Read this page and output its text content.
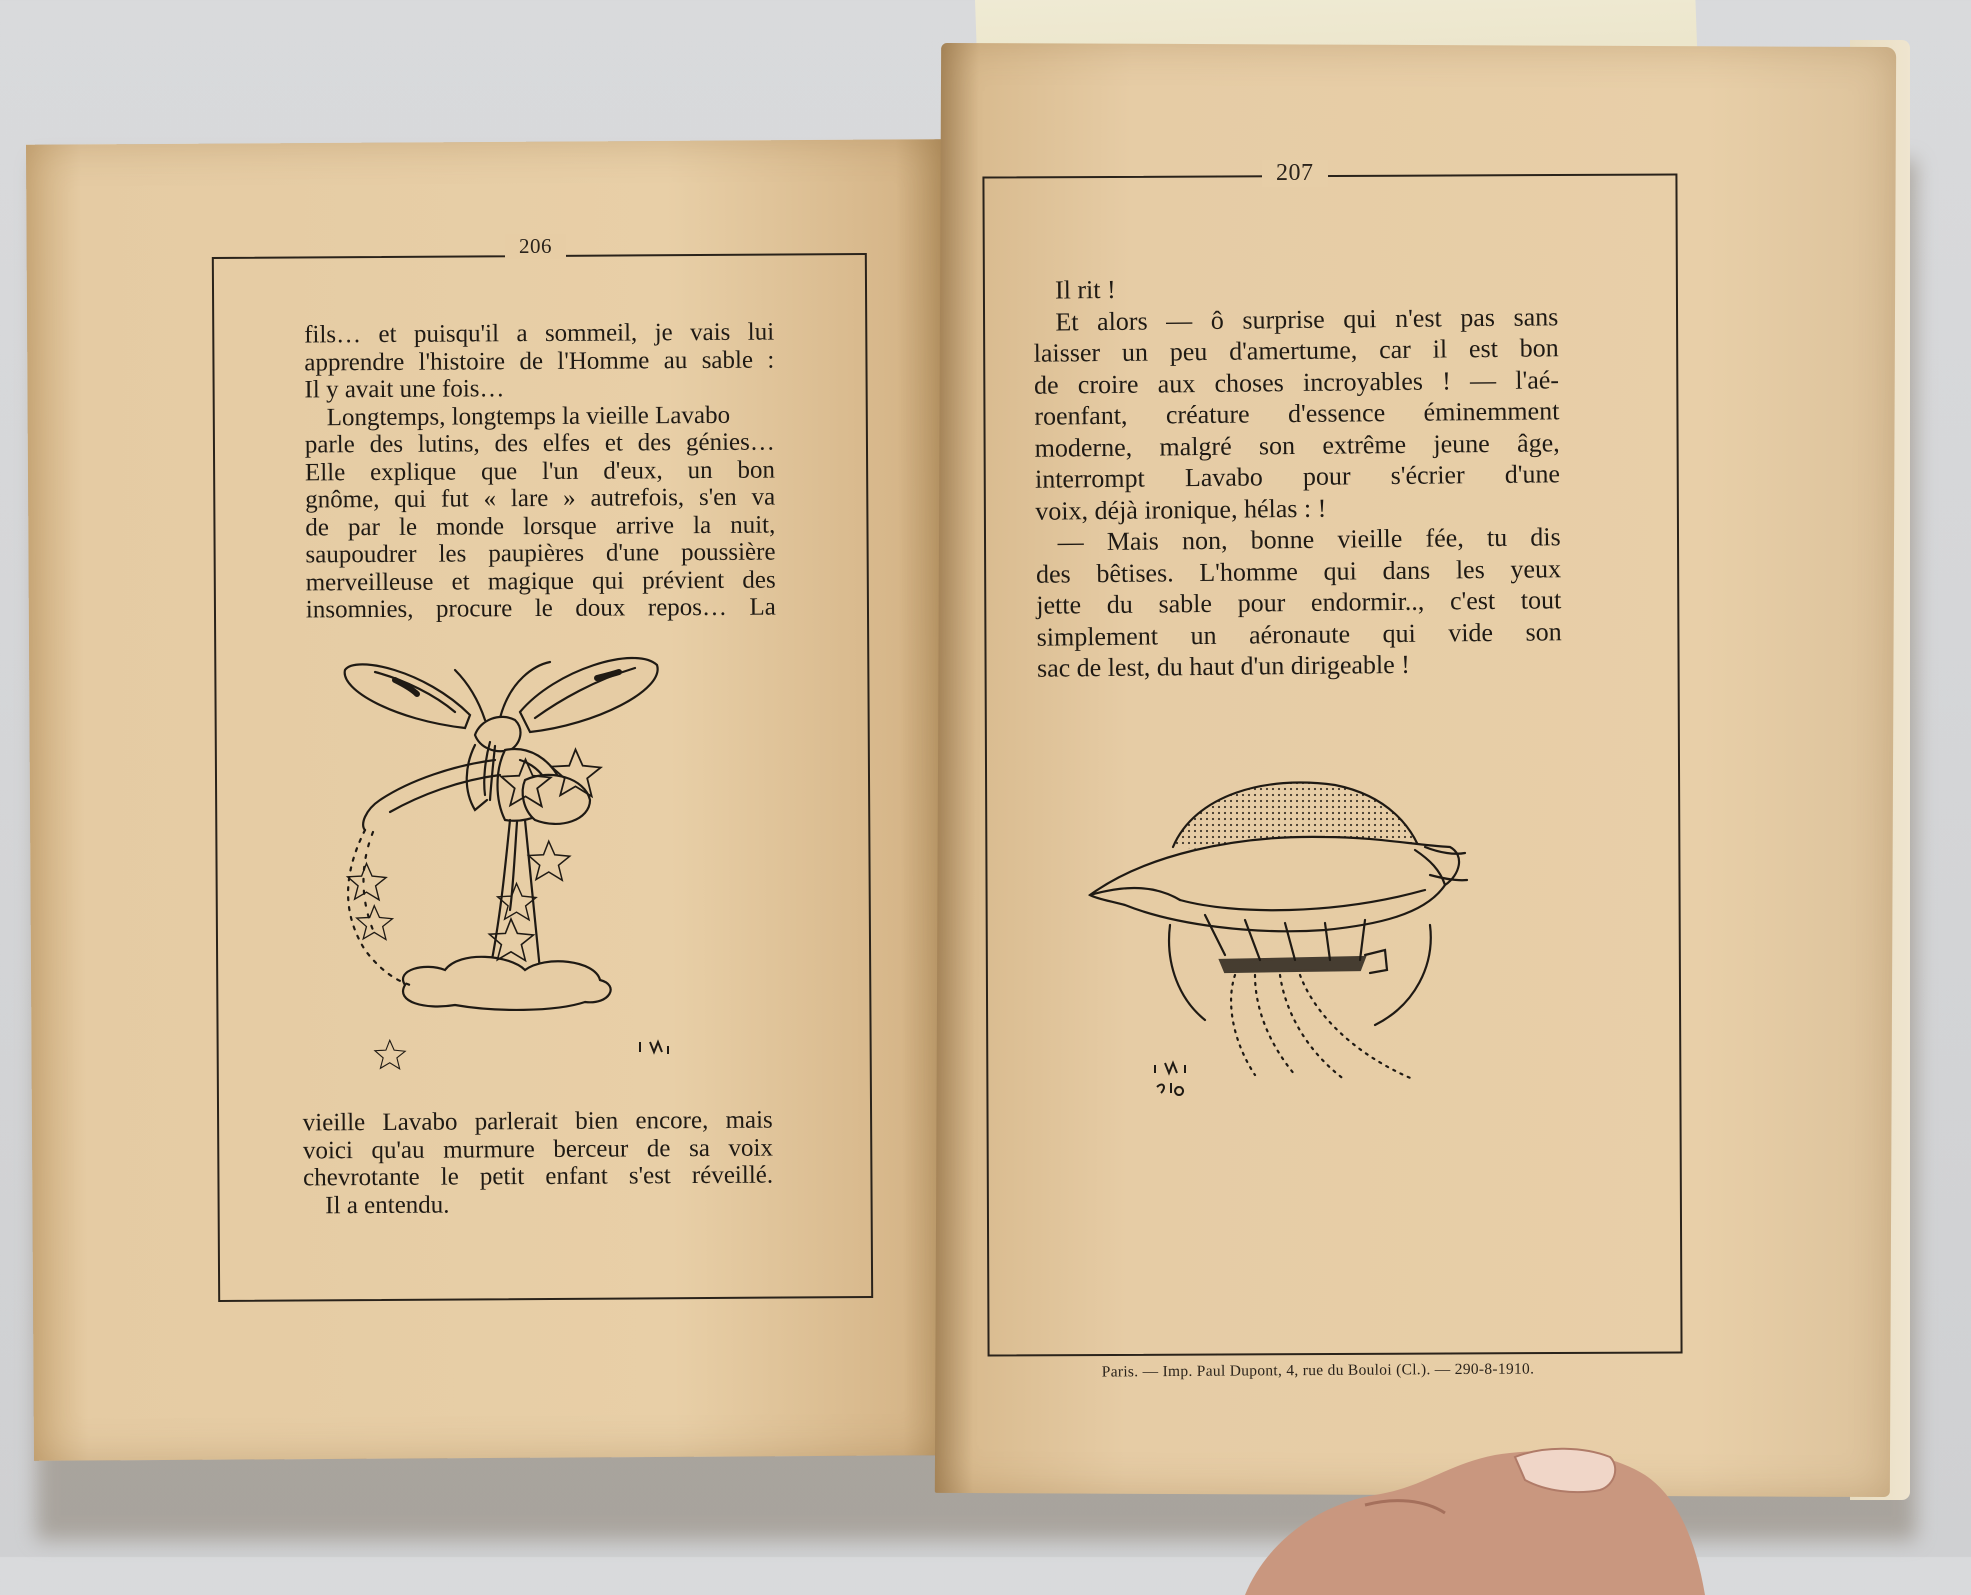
206

fils… et puisqu'il a sommeil, je vais lui

apprendre l'histoire de l'Homme au sable :

Il y avait une fois…

Longtemps, longtemps la vieille Lavabo

parle des lutins, des elfes et des génies…

Elle explique que l'un d'eux, un bon

gnôme, qui fut « lare » autrefois, s'en va

de par le monde lorsque arrive la nuit,

saupoudrer les paupières d'une poussière

merveilleuse et magique qui prévient des

insomnies, procure le doux repos… La

vieille Lavabo parlerait bien encore, mais

voici qu'au murmure berceur de sa voix

chevrotante le petit enfant s'est réveillé.

Il a entendu.

207

Il rit !

Et alors — ô surprise qui n'est pas sans

laisser un peu d'amertume, car il est bon

de croire aux choses incroyables ! — l'aé-

roenfant, créature d'essence éminemment

moderne, malgré son extrême jeune âge,

interrompt Lavabo pour s'écrier d'une

voix, déjà ironique, hélas : !

— Mais non, bonne vieille fée, tu dis

des bêtises. L'homme qui dans les yeux

jette du sable pour endormir.., c'est tout

simplement un aéronaute qui vide son

sac de lest, du haut d'un dirigeable !

Paris. — Imp. Paul Dupont, 4, rue du Bouloi (Cl.). — 290-8-1910.
